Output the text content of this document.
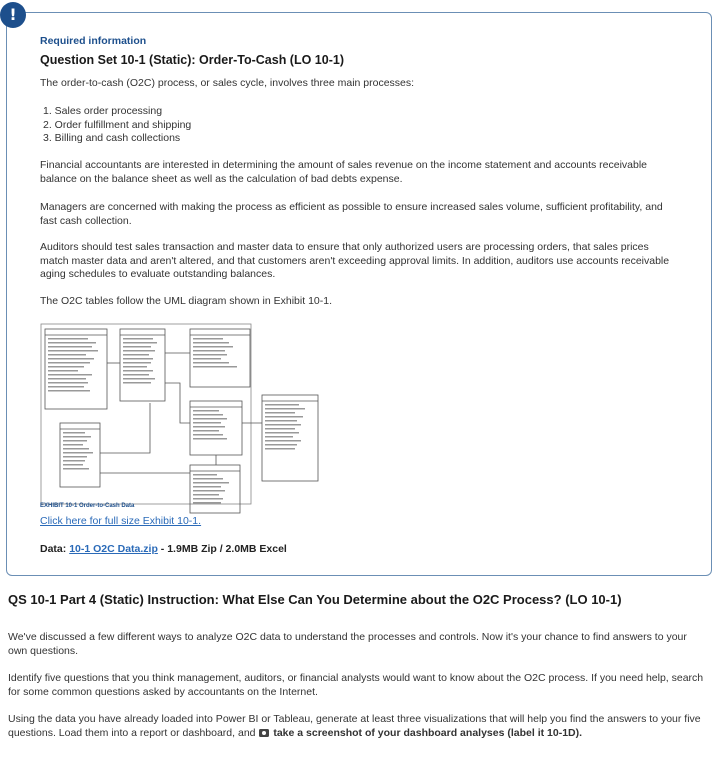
Required information
Question Set 10-1 (Static): Order-To-Cash (LO 10-1)
The order-to-cash (O2C) process, or sales cycle, involves three main processes:
1. Sales order processing
2. Order fulfillment and shipping
3. Billing and cash collections
Financial accountants are interested in determining the amount of sales revenue on the income statement and accounts receivable balance on the balance sheet as well as the calculation of bad debts expense.
Managers are concerned with making the process as efficient as possible to ensure increased sales volume, sufficient profitability, and fast cash collection.
Auditors should test sales transaction and master data to ensure that only authorized users are processing orders, that sales prices match master data and aren't altered, and that customers aren't exceeding approval limits. In addition, auditors use accounts receivable aging schedules to evaluate outstanding balances.
The O2C tables follow the UML diagram shown in Exhibit 10-1.
EXHIBIT 10-1 Order-to-Cash Data
Click here for full size Exhibit 10-1.
Data: 10-1 O2C Data.zip - 1.9MB Zip / 2.0MB Excel
!
QS 10-1 Part 4 (Static) Instruction: What Else Can You Determine about the O2C Process? (LO 10-1)
We've discussed a few different ways to analyze O2C data to understand the processes and controls. Now it's your chance to find answers to your own questions.
Identify five questions that you think management, auditors, or financial analysts would want to know about the O2C process. If you need help, search for some common questions asked by accountants on the Internet.
Using the data you have already loaded into Power BI or Tableau, generate at least three visualizations that will help you find the answers to your five questions. Load them into a report or dashboard, and take a screenshot of your dashboard analyses (label it 10-1D).
